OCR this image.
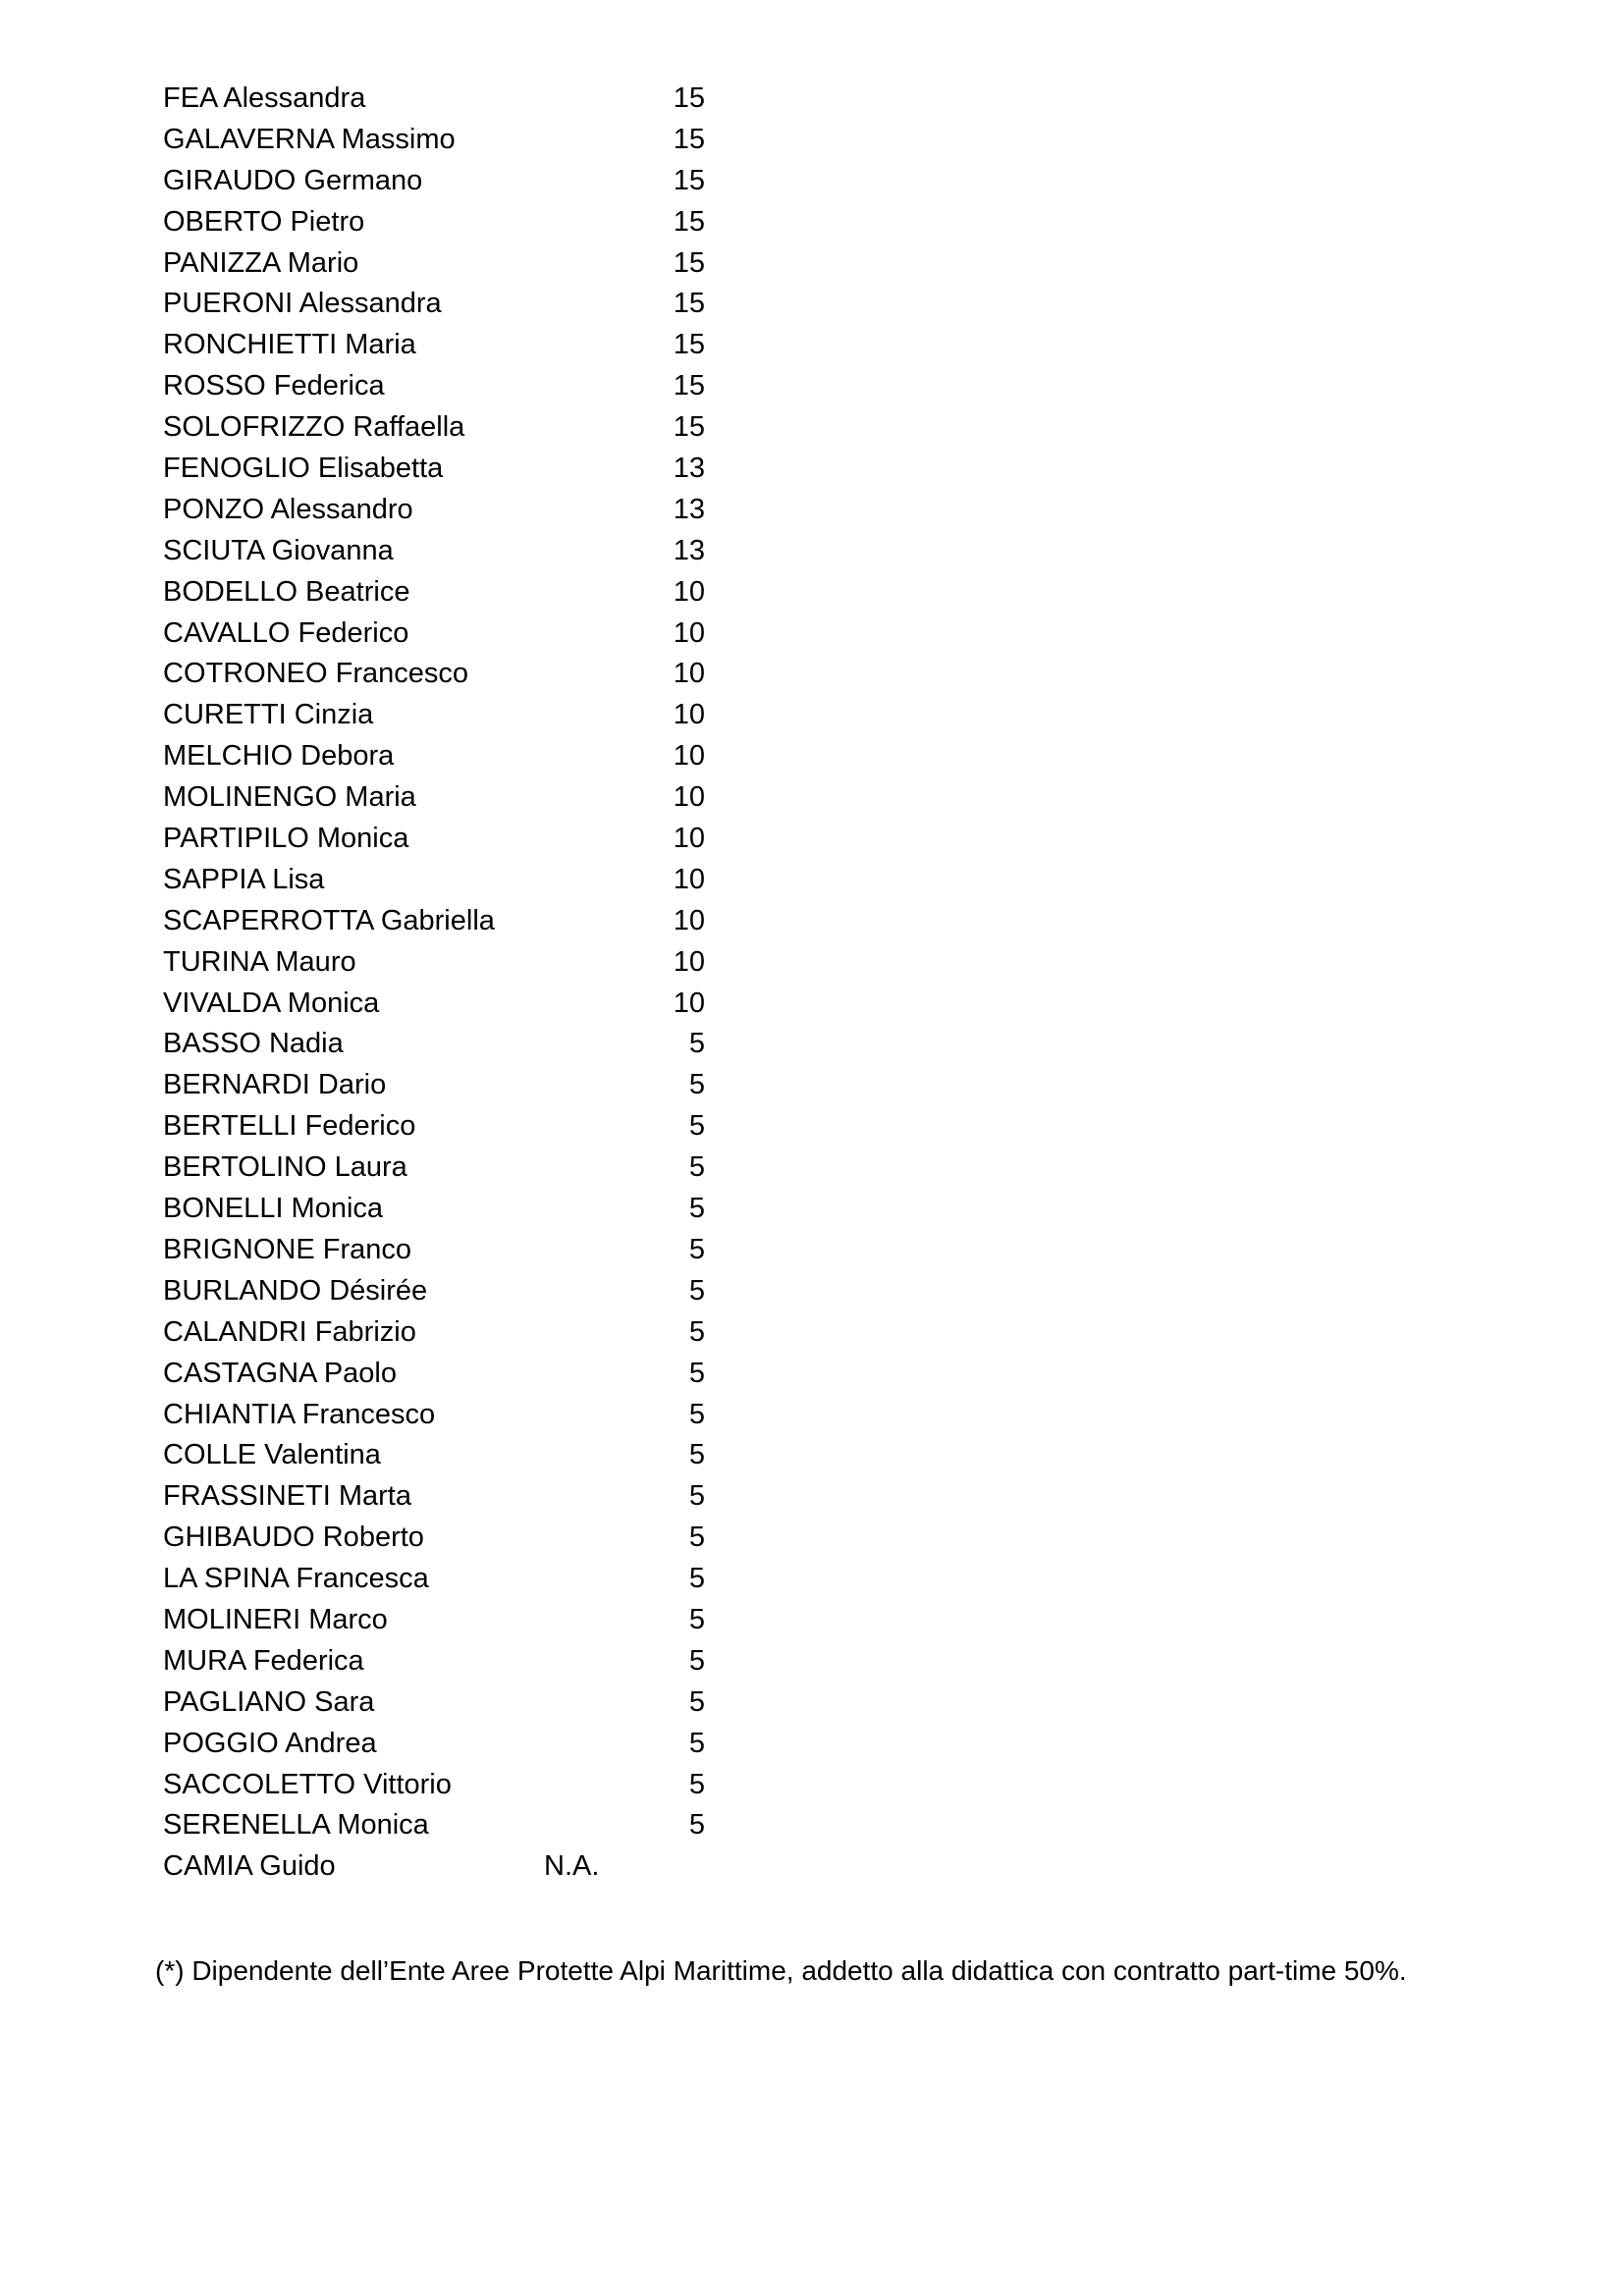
FEA Alessandra	15
GALAVERNA Massimo	15
GIRAUDO Germano	15
OBERTO Pietro	15
PANIZZA Mario	15
PUERONI Alessandra	15
RONCHIETTI Maria	15
ROSSO Federica	15
SOLOFRIZZO Raffaella	15
FENOGLIO Elisabetta	13
PONZO Alessandro	13
SCIUTA Giovanna	13
BODELLO Beatrice	10
CAVALLO Federico	10
COTRONEO Francesco	10
CURETTI Cinzia	10
MELCHIO Debora	10
MOLINENGO Maria	10
PARTIPILO Monica	10
SAPPIA Lisa	10
SCAPERROTTA Gabriella	10
TURINA Mauro	10
VIVALDA Monica	10
BASSO Nadia	5
BERNARDI Dario	5
BERTELLI Federico	5
BERTOLINO Laura	5
BONELLI Monica	5
BRIGNONE Franco	5
BURLANDO Désirée	5
CALANDRI Fabrizio	5
CASTAGNA Paolo	5
CHIANTIA Francesco	5
COLLE Valentina	5
FRASSINETI Marta	5
GHIBAUDO Roberto	5
LA SPINA Francesca	5
MOLINERI Marco	5
MURA Federica	5
PAGLIANO Sara	5
POGGIO Andrea	5
SACCOLETTO Vittorio	5
SERENELLA Monica	5
CAMIA Guido	N.A.
(*) Dipendente dell’Ente Aree Protette Alpi Marittime, addetto alla didattica con contratto part-time 50%.
